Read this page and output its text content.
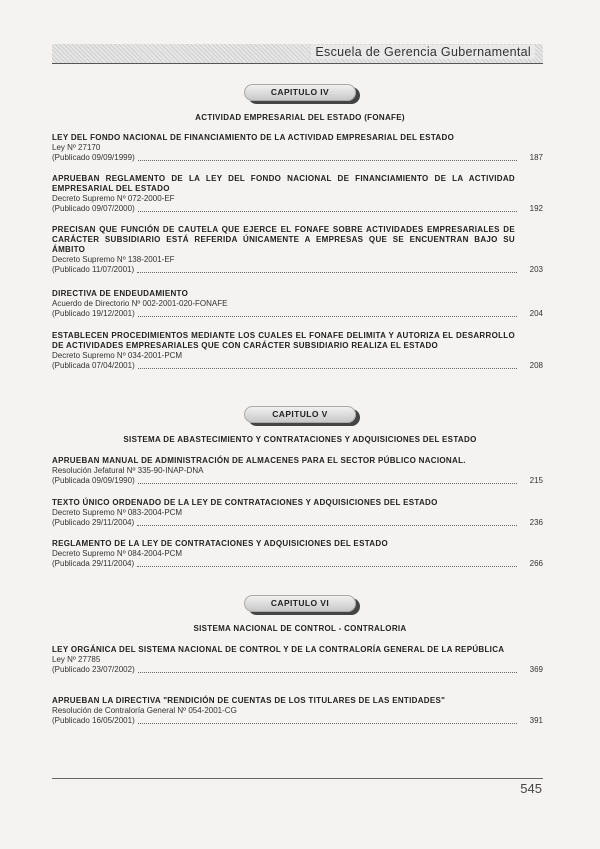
Escuela de Gerencia Gubernamental
CAPITULO IV
ACTIVIDAD EMPRESARIAL DEL ESTADO (FONAFE)
LEY DEL FONDO NACIONAL DE FINANCIAMIENTO DE LA ACTIVIDAD EMPRESARIAL DEL ESTADO
Ley Nº 27170
(Publicado 09/09/1999)	187
APRUEBAN REGLAMENTO DE LA LEY DEL FONDO NACIONAL DE FINANCIAMIENTO DE LA ACTIVIDAD EMPRESARIAL DEL ESTADO
Decreto Supremo Nº 072-2000-EF
(Publicado 09/07/2000)	192
PRECISAN QUE FUNCIÓN DE CAUTELA QUE EJERCE EL FONAFE SOBRE ACTIVIDADES EMPRESARIALES DE CARÁCTER SUBSIDIARIO ESTÁ REFERIDA ÚNICAMENTE A EMPRESAS QUE SE ENCUENTRAN BAJO SU ÁMBITO
Decreto Supremo Nº 138-2001-EF
(Publicado 11/07/2001)	203
DIRECTIVA DE ENDEUDAMIENTO
Acuerdo de Directorio Nº 002-2001-020-FONAFE
(Publicado 19/12/2001)	204
ESTABLECEN PROCEDIMIENTOS MEDIANTE LOS CUALES EL FONAFE DELIMITA Y AUTORIZA EL DESARROLLO DE ACTIVIDADES EMPRESARIALES QUE CON CARÁCTER SUBSIDIARIO REALIZA EL ESTADO
Decreto Supremo Nº 034-2001-PCM
(Publicada 07/04/2001)	208
CAPITULO V
SISTEMA DE ABASTECIMIENTO Y CONTRATACIONES Y ADQUISICIONES DEL ESTADO
APRUEBAN MANUAL DE ADMINISTRACIÓN DE ALMACENES PARA EL SECTOR PÚBLICO NACIONAL.
Resolución Jefatural Nº 335-90-INAP-DNA
(Publicada 09/09/1990)	215
TEXTO ÚNICO ORDENADO DE LA LEY DE CONTRATACIONES Y ADQUISICIONES DEL ESTADO
Decreto Supremo Nº 083-2004-PCM
(Publicado 29/11/2004)	236
REGLAMENTO DE LA LEY DE CONTRATACIONES Y ADQUISICIONES DEL ESTADO
Decreto Supremo Nº 084-2004-PCM
(Publicada 29/11/2004)	266
CAPITULO VI
SISTEMA NACIONAL DE CONTROL - CONTRALORIA
LEY ORGÁNICA DEL SISTEMA NACIONAL DE CONTROL Y DE LA CONTRALORÍA GENERAL DE LA REPÚBLICA
Ley Nº 27785
(Publicado 23/07/2002)	369
APRUEBAN LA DIRECTIVA "RENDICIÓN DE CUENTAS DE LOS TITULARES DE LAS ENTIDADES"
Resolución de Contraloría General Nº 054-2001-CG
(Publicado 16/05/2001)	391
545
